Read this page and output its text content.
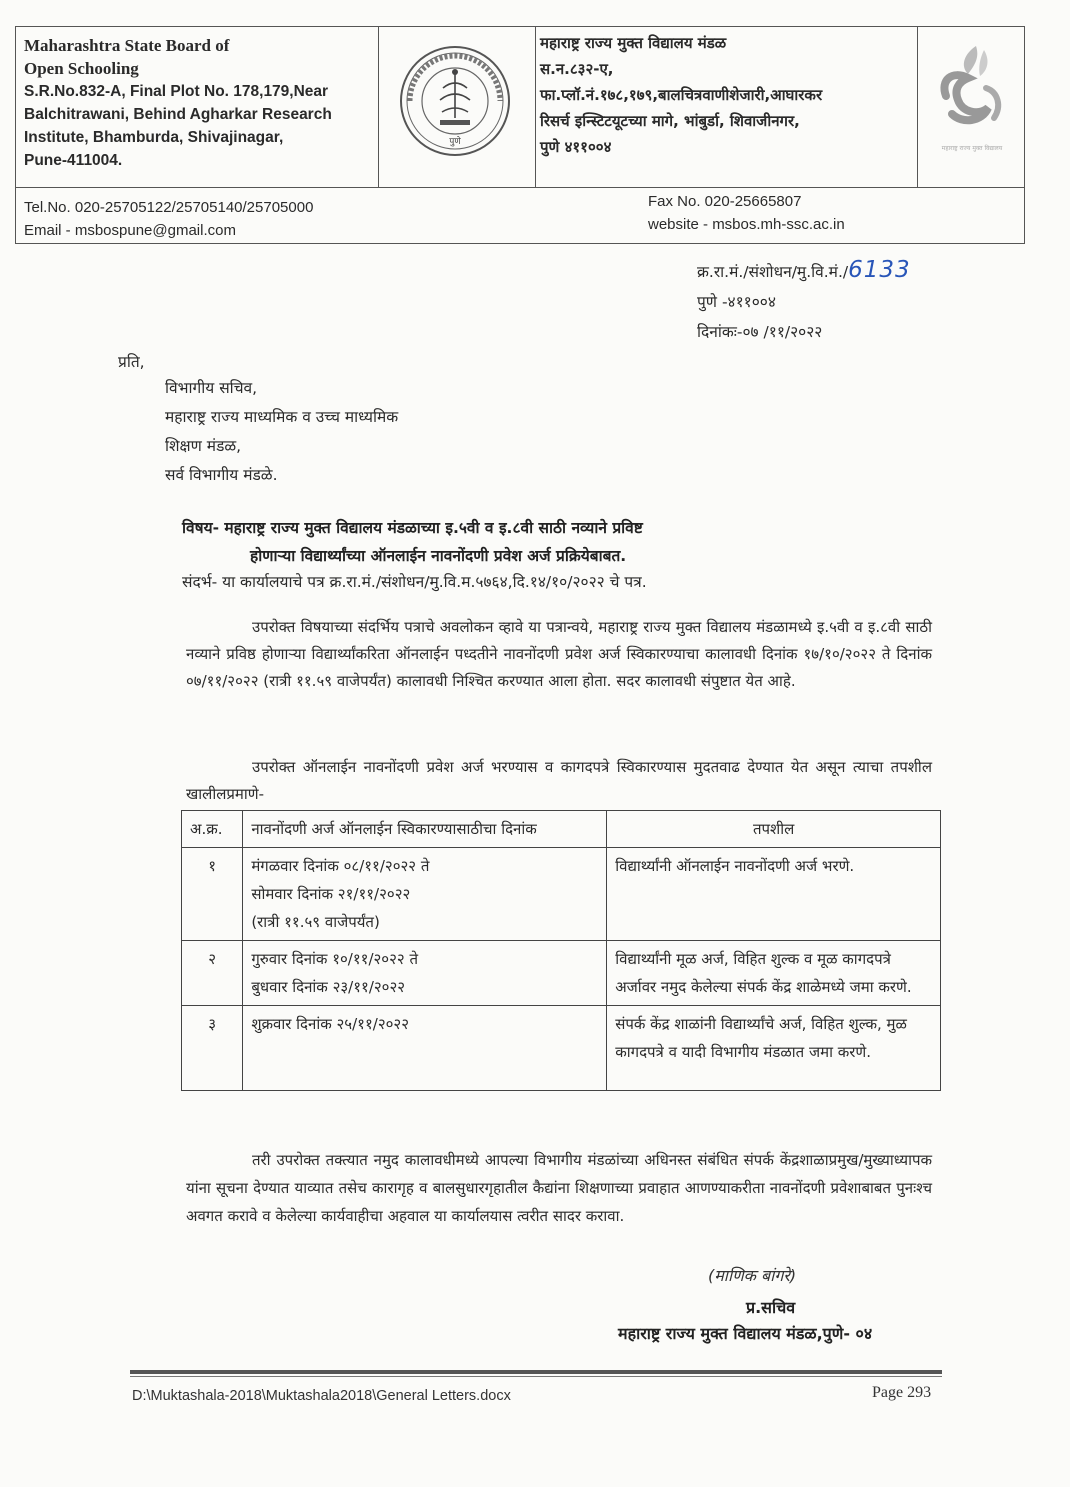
Maharashtra State Board of
Open Schooling
S.R.No.832-A, Final Plot No. 178,179,Near
Balchitrawani, Behind Agharkar Research
Institute, Bhamburda, Shivajinagar,
Pune-411004.
पुणे
महाराष्ट्र राज्य मुक्त विद्यालय मंडळ
स.न.८३२-ए,
फा.प्लॉ.नं.१७८,१७९,बालचित्रवाणीशेजारी,आघारकर
रिसर्च इन्स्टिटयूटच्या मागे, भांबुर्डा, शिवाजीनगर,
पुणे ४११००४	महाराष्ट्र राज्य मुक्त विद्यालय
Tel.No. 020-25705122/25705140/25705000
Email - msbospune@gmail.com
Fax No. 020-25665807
website - msbos.mh-ssc.ac.in
क्र.रा.मं./संशोधन/मु.वि.मं./6133
पुणे -४११००४
दिनांकः-०७ /११/२०२२
प्रति,
विभागीय सचिव,
महाराष्ट्र राज्य माध्यमिक व उच्च माध्यमिक
शिक्षण मंडळ,
सर्व विभागीय मंडळे.
विषय- महाराष्ट्र राज्य मुक्त विद्यालय मंडळाच्या इ.५वी व इ.८वी साठी नव्याने प्रविष्ट
होणाऱ्या विद्यार्थ्यांच्या ऑनलाईन नावनोंदणी प्रवेश अर्ज प्रक्रियेबाबत.
संदर्भ- या कार्यालयाचे पत्र क्र.रा.मं./संशोधन/मु.वि.म.५७६४,दि.१४/१०/२०२२ चे पत्र.
उपरोक्त विषयाच्या संदर्भिय पत्राचे अवलोकन व्हावे या पत्रान्वये, महाराष्ट्र राज्य मुक्त विद्यालय मंडळामध्ये इ.५वी व इ.८वी साठी नव्याने प्रविष्ठ होणाऱ्या विद्यार्थ्यांकरिता ऑनलाईन पध्दतीने नावनोंदणी प्रवेश अर्ज स्विकारण्याचा कालावधी दिनांक १७/१०/२०२२ ते दिनांक ०७/११/२०२२ (रात्री ११.५९ वाजेपर्यंत) कालावधी निश्चित करण्यात आला होता. सदर कालावधी संपुष्टात येत आहे.
उपरोक्त ऑनलाईन नावनोंदणी प्रवेश अर्ज भरण्यास व कागदपत्रे स्विकारण्यास मुदतवाढ देण्यात येत असून त्याचा तपशील खालीलप्रमाणे-
अ.क्र.	नावनोंदणी अर्ज ऑनलाईन स्विकारण्यासाठीचा दिनांक	तपशील
१	मंगळवार दिनांक ०८/११/२०२२ ते
सोमवार दिनांक २१/११/२०२२
(रात्री ११.५९ वाजेपर्यंत)	विद्यार्थ्यांनी ऑनलाईन नावनोंदणी अर्ज भरणे.
२	गुरुवार दिनांक १०/११/२०२२ ते
बुधवार दिनांक २३/११/२०२२	विद्यार्थ्यांनी मूळ अर्ज, विहित शुल्क व मूळ कागदपत्रे अर्जावर नमुद केलेल्या संपर्क केंद्र शाळेमध्ये जमा करणे.
३	शुक्रवार दिनांक २५/११/२०२२	संपर्क केंद्र शाळांनी विद्यार्थ्यांचे अर्ज, विहित शुल्क, मुळ कागदपत्रे व यादी विभागीय मंडळात जमा करणे.
तरी उपरोक्त तक्त्यात नमुद कालावधीमध्ये आपल्या विभागीय मंडळांच्या अधिनस्त संबंधित संपर्क केंद्रशाळाप्रमुख/मुख्याध्यापक यांना सूचना देण्यात याव्यात तसेच कारागृह व बालसुधारगृहातील कैद्यांना शिक्षणाच्या प्रवाहात आणण्याकरीता नावनोंदणी प्रवेशाबाबत पुनःश्च अवगत करावे व केलेल्या कार्यवाहीचा अहवाल या कार्यालयास त्वरीत सादर करावा.
(माणिक बांगरे)
प्र.सचिव
महाराष्ट्र राज्य मुक्त विद्यालय मंडळ,पुणे- ०४
D:\Muktashala-2018\Muktashala2018\General Letters.docx	Page 293
